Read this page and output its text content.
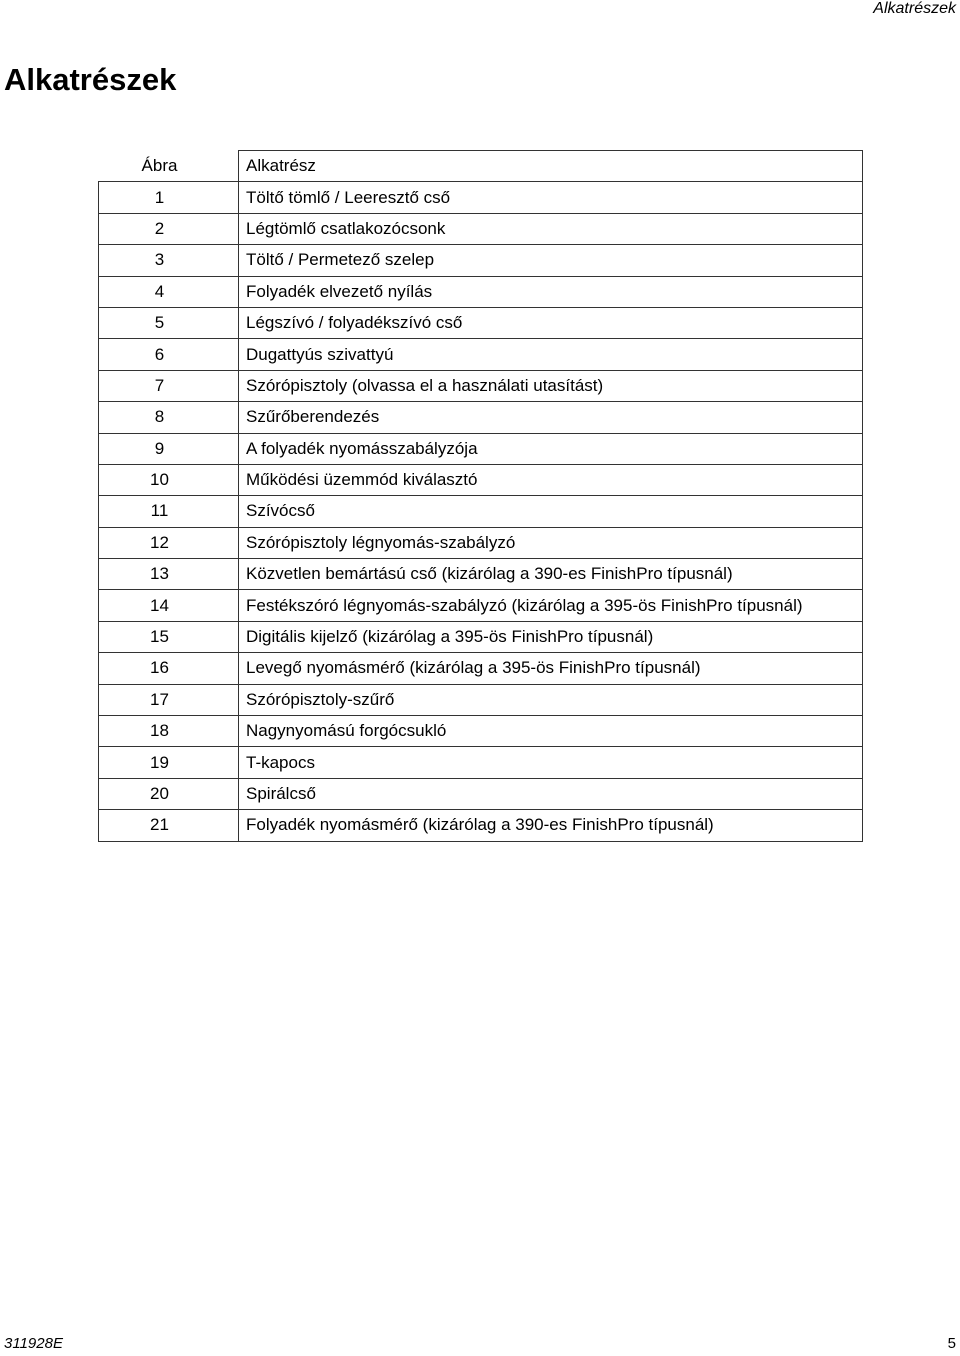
Alkatrészek
Alkatrészek
Ábra	Alkatrész
1	Töltő tömlő / Leeresztő cső
2	Légtömlő csatlakozócsonk
3	Töltő / Permetező szelep
4	Folyadék elvezető nyílás
5	Légszívó / folyadékszívó cső
6	Dugattyús szivattyú
7	Szórópisztoly (olvassa el a használati utasítást)
8	Szűrőberendezés
9	A folyadék nyomásszabályzója
10	Működési üzemmód kiválasztó
11	Szívócső
12	Szórópisztoly légnyomás-szabályzó
13	Közvetlen bemártású cső (kizárólag a 390-es FinishPro típusnál)
14	Festékszóró légnyomás-szabályzó (kizárólag a 395-ös FinishPro típusnál)
15	Digitális kijelző (kizárólag a 395-ös FinishPro típusnál)
16	Levegő nyomásmérő (kizárólag a 395-ös FinishPro típusnál)
17	Szórópisztoly-szűrő
18	Nagynyomású forgócsukló
19	T-kapocs
20	Spirálcső
21	Folyadék nyomásmérő (kizárólag a 390-es FinishPro típusnál)
311928E	5
